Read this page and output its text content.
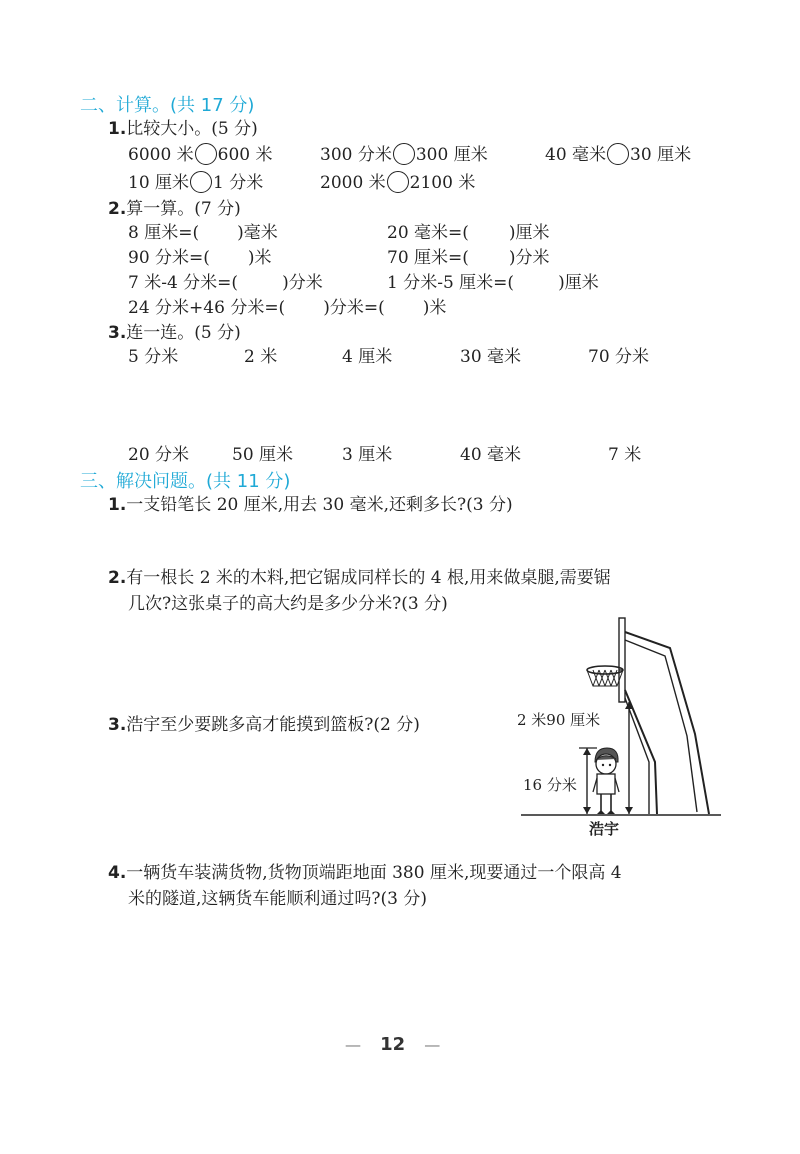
二、计算。(共 17 分)
1.比较大小。(5 分)
6000 米 600 米	300 分米 300 厘米	40 毫米 30 厘米
10 厘米 1 分米	2000 米 2100 米
2.算一算。(7 分)
8 厘米=( )毫米	20 毫米=( )厘米
90 分米=( )米	70 厘米=( )分米
7 米-4 分米=(	)分米	1 分米-5 厘米=(	)厘米
24 分米+46 分米=( )分米=( )米
3.连一连。(5 分)
5 分米	2 米	4 厘米	30 毫米	70 分米
20 分米	50 厘米	3 厘米	40 毫米	7 米
三、解决问题。(共 11 分)
1.一支铅笔长 20 厘米,用去 30 毫米,还剩多长?(3 分)
2.有一根长 2 米的木料,把它锯成同样长的 4 根,用来做桌腿,需要锯
几次?这张桌子的高大约是多少分米?(3 分)
3.浩宇至少要跳多高才能摸到篮板?(2 分)
4.一辆货车装满货物,货物顶端距地面 380 厘米,现要通过一个限高 4
米的隧道,这辆货车能顺利通过吗?(3 分)
2 米90 厘米
16 分米
浩宇
— 12 —
